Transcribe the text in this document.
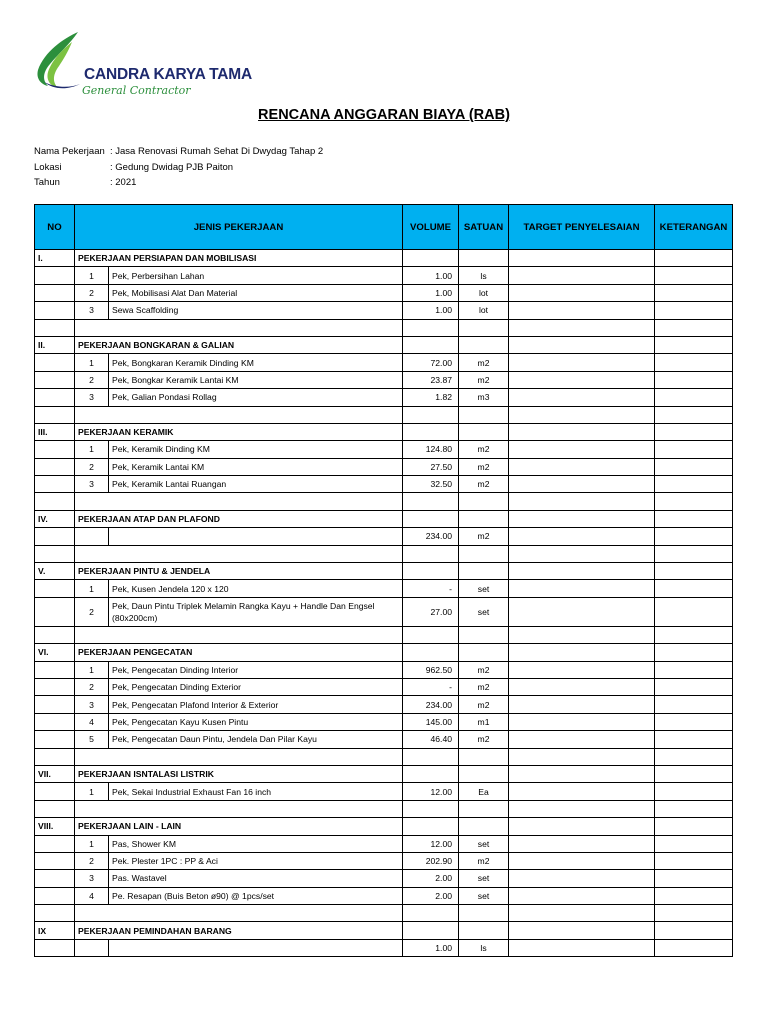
CANDRA KARYA TAMA
General Contractor
RENCANA ANGGARAN BIAYA (RAB)
Nama Pekerjaan : Jasa Renovasi Rumah Sehat Di Dwydag Tahap 2
Lokasi	: Gedung Dwidag PJB Paiton
Tahun	: 2021
NO	JENIS PEKERJAAN		VOLUME	SATUAN	TARGET PENYELESAIAN	KETERANGAN
I.	PEKERJAAN PERSIAPAN DAN MOBILISASI					
	1	Pek, Perbersihan Lahan	1.00	ls		
	2	Pek, Mobilisasi Alat Dan Material	1.00	lot		
	3	Sewa Scaffolding	1.00	lot		

II.	PEKERJAAN BONGKARAN & GALIAN					
	1	Pek, Bongkaran Keramik Dinding KM	72.00	m2		
	2	Pek, Bongkar Keramik Lantai KM	23.87	m2		
	3	Pek, Galian Pondasi Rollag	1.82	m3		

III.	PEKERJAAN KERAMIK					
	1	Pek, Keramik Dinding KM	124.80	m2		
	2	Pek, Keramik Lantai KM	27.50	m2		
	3	Pek, Keramik Lantai Ruangan	32.50	m2		

IV.	PEKERJAAN ATAP DAN PLAFOND					
			234.00	m2		

V.	PEKERJAAN PINTU & JENDELA					
	1	Pek, Kusen Jendela 120 x 120	-	set		
	2	Pek, Daun Pintu Triplek Melamin Rangka Kayu + Handle Dan Engsel (80x200cm)	27.00	set		

VI.	PEKERJAAN PENGECATAN					
	1	Pek, Pengecatan Dinding Interior	962.50	m2		
	2	Pek, Pengecatan Dinding Exterior	-	m2		
	3	Pek, Pengecatan Plafond Interior & Exterior	234.00	m2		
	4	Pek, Pengecatan Kayu Kusen Pintu	145.00	m1		
	5	Pek, Pengecatan Daun Pintu, Jendela Dan Pilar Kayu	46.40	m2		

VII.	PEKERJAAN ISNTALASI LISTRIK					
	1	Pek, Sekai Industrial Exhaust Fan 16 inch	12.00	Ea		

VIII.	PEKERJAAN LAIN - LAIN					
	1	Pas, Shower KM	12.00	set		
	2	Pek. Plester 1PC : PP & Aci	202.90	m2		
	3	Pas. Wastavel	2.00	set		
	4	Pe. Resapan (Buis Beton ø90) @ 1pcs/set	2.00	set		

IX	PEKERJAAN PEMINDAHAN BARANG					
			1.00	ls		
